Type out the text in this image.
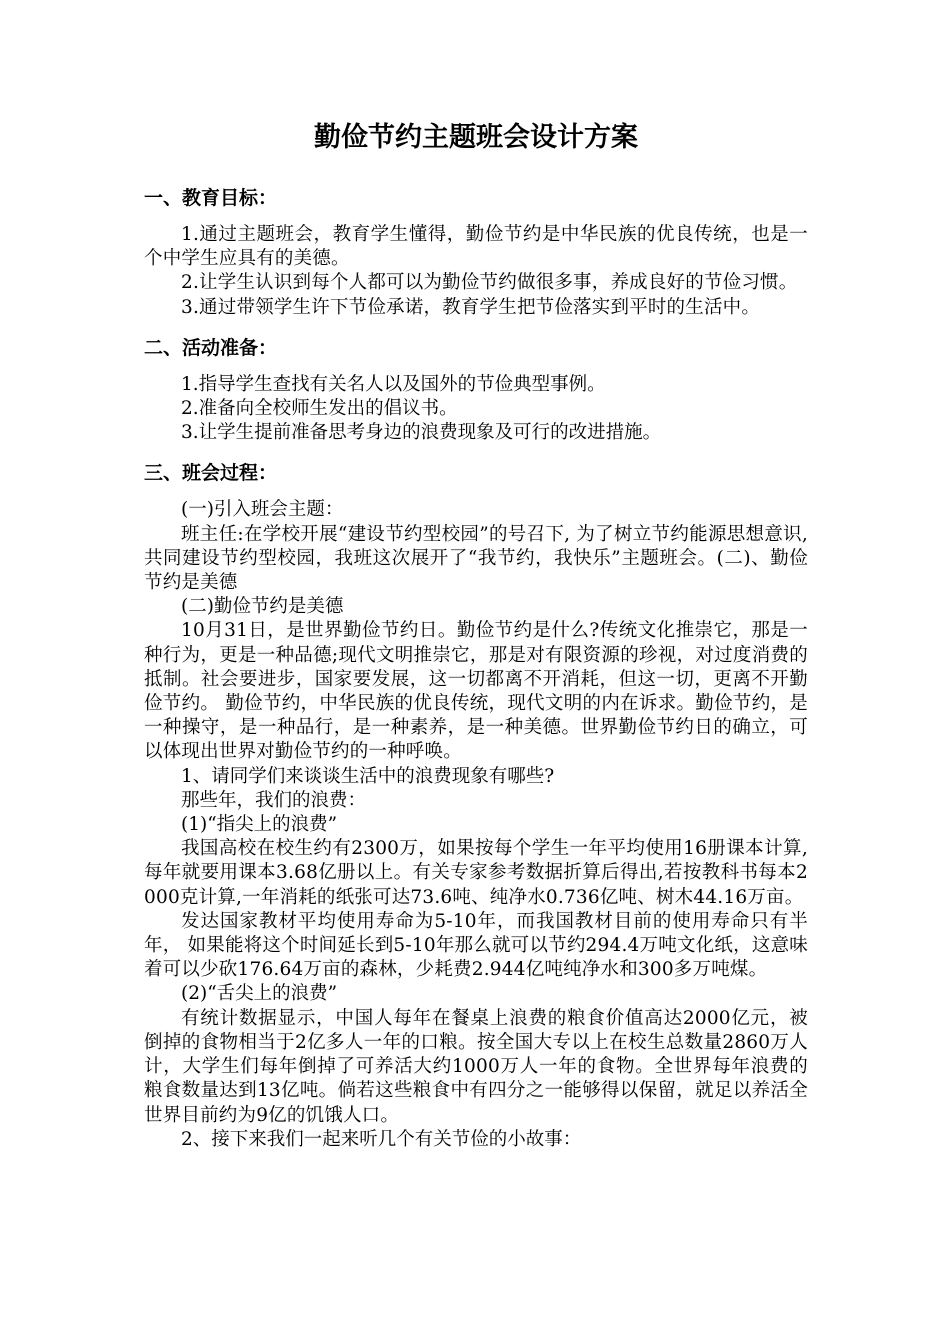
勤俭节约主题班会设计方案
一、教育目标：

1.通过主题班会，教育学生懂得，勤俭节约是中华民族的优良传统，也是一个中学生应具有的美德。

2.让学生认识到每个人都可以为勤俭节约做很多事，养成良好的节俭习惯。

3.通过带领学生许下节俭承诺，教育学生把节俭落实到平时的生活中。

二、活动准备：

1.指导学生查找有关名人以及国外的节俭典型事例。

2.准备向全校师生发出的倡议书。

3.让学生提前准备思考身边的浪费现象及可行的改进措施。

三、班会过程：

(一)引入班会主题：

班主任:在学校开展“建设节约型校园”的号召下, 为了树立节约能源思想意识,共同建设节约型校园，我班这次展开了“我节约，我快乐”主题班会。(二)、勤俭节约是美德

(二)勤俭节约是美德

10月31日，是世界勤俭节约日。勤俭节约是什么?传统文化推崇它，那是一种行为，更是一种品德;现代文明推崇它，那是对有限资源的珍视，对过度消费的抵制。社会要进步，国家要发展，这一切都离不开消耗，但这一切，更离不开勤俭节约。 勤俭节约，中华民族的优良传统，现代文明的内在诉求。勤俭节约，是一种操守，是一种品行，是一种素养，是一种美德。世界勤俭节约日的确立，可以体现出世界对勤俭节约的一种呼唤。

1、请同学们来谈谈生活中的浪费现象有哪些?

那些年，我们的浪费：

(1)“指尖上的浪费”

我国高校在校生约有2300万，如果按每个学生一年平均使用16册课本计算,每年就要用课本3.68亿册以上。有关专家参考数据折算后得出,若按教科书每本2000克计算,一年消耗的纸张可达73.6吨、纯净水0.736亿吨、树木44.16万亩。

发达国家教材平均使用寿命为5-10年，而我国教材目前的使用寿命只有半年， 如果能将这个时间延长到5-10年那么就可以节约294.4万吨文化纸，这意味着可以少砍176.64万亩的森林，少耗费2.944亿吨纯净水和300多万吨煤。

(2)“舌尖上的浪费”

有统计数据显示，中国人每年在餐桌上浪费的粮食价值高达2000亿元，被倒掉的食物相当于2亿多人一年的口粮。按全国大专以上在校生总数量2860万人计，大学生们每年倒掉了可养活大约1000万人一年的食物。全世界每年浪费的粮食数量达到13亿吨。倘若这些粮食中有四分之一能够得以保留，就足以养活全世界目前约为9亿的饥饿人口。

2、接下来我们一起来听几个有关节俭的小故事：
